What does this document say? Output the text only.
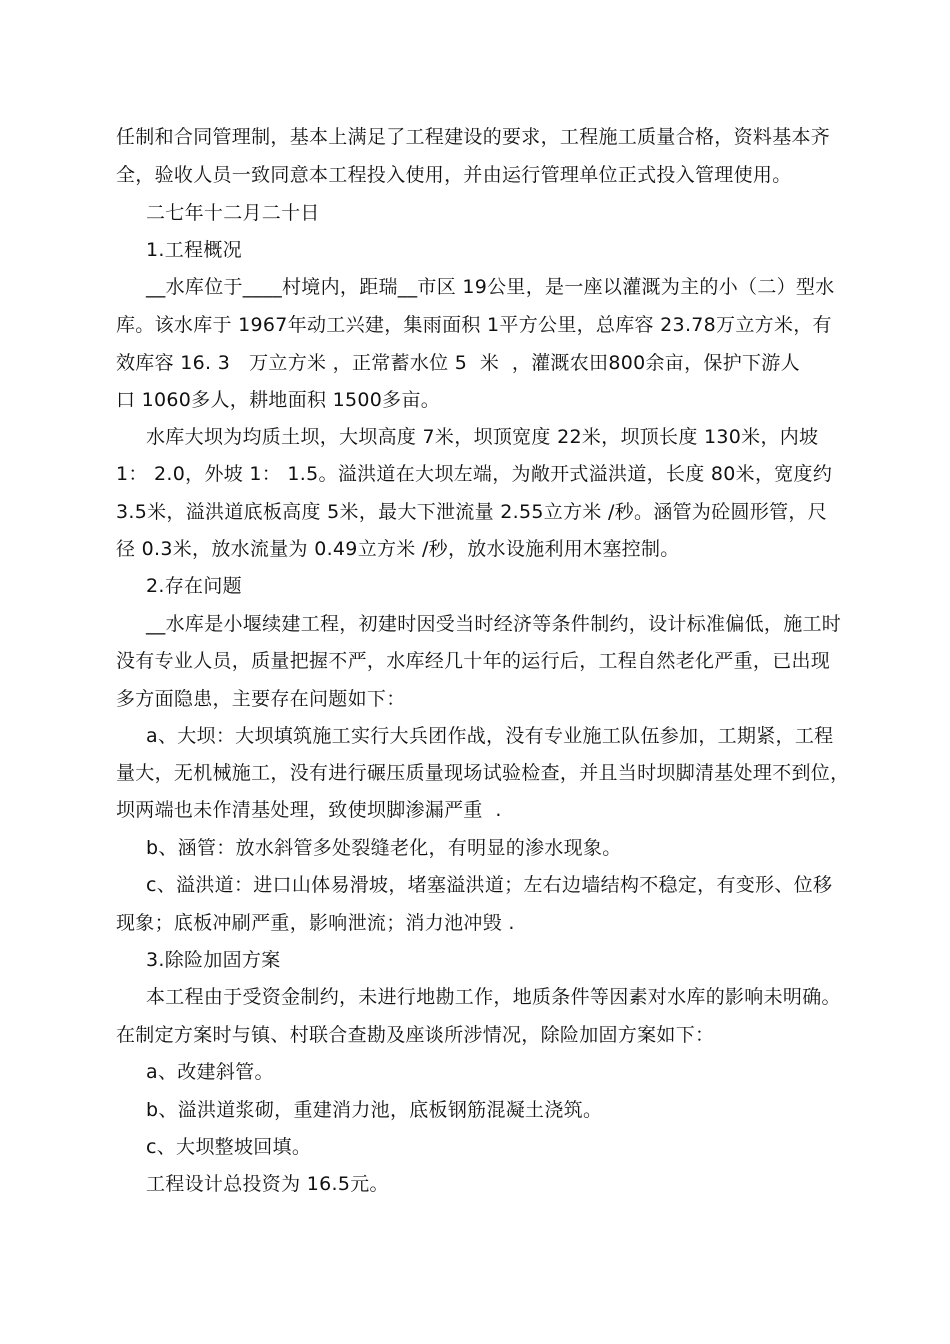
任制和合同管理制，基本上满足了工程建设的要求，工程施工质量合格，资料基本齐
全，验收人员一致同意本工程投入使用，并由运行管理单位正式投入管理使用。
二七年十二月二十日
1.工程概况
__水库位于____村境内，距瑞__市区 19公里，是一座以灌溉为主的小（二）型水
库。该水库于 1967年动工兴建，集雨面积 1平方公里，总库容 23.78万立方米，有
效库容 16. 3   万立方米 ，正常蓄水位 5  米  ，灌溉农田800余亩，保护下游人
口 1060多人，耕地面积 1500多亩。
水库大坝为均质土坝，大坝高度 7米，坝顶宽度 22米，坝顶长度 130米，内坡
1： 2.0，外坡 1： 1.5。溢洪道在大坝左端，为敞开式溢洪道，长度 80米，宽度约
3.5米，溢洪道底板高度 5米，最大下泄流量 2.55立方米 /秒。涵管为砼圆形管，尺
径 0.3米，放水流量为 0.49立方米 /秒，放水设施利用木塞控制。
2.存在问题
__水库是小堰续建工程，初建时因受当时经济等条件制约，设计标准偏低，施工时
没有专业人员，质量把握不严，水库经几十年的运行后，工程自然老化严重，已出现
多方面隐患，主要存在问题如下：
a、大坝：大坝填筑施工实行大兵团作战，没有专业施工队伍参加，工期紧，工程
量大，无机械施工，没有进行碾压质量现场试验检查，并且当时坝脚清基处理不到位，
坝两端也未作清基处理，致使坝脚渗漏严重  .
b、涵管：放水斜管多处裂缝老化，有明显的渗水现象。
c、溢洪道：进口山体易滑坡，堵塞溢洪道；左右边墙结构不稳定，有变形、位移
现象；底板冲刷严重，影响泄流；消力池冲毁 .
3.除险加固方案
本工程由于受资金制约，未进行地勘工作，地质条件等因素对水库的影响未明确。
在制定方案时与镇、村联合查勘及座谈所涉情况，除险加固方案如下：
a、改建斜管。
b、溢洪道浆砌，重建消力池，底板钢筋混凝土浇筑。
c、大坝整坡回填。
工程设计总投资为 16.5元。
